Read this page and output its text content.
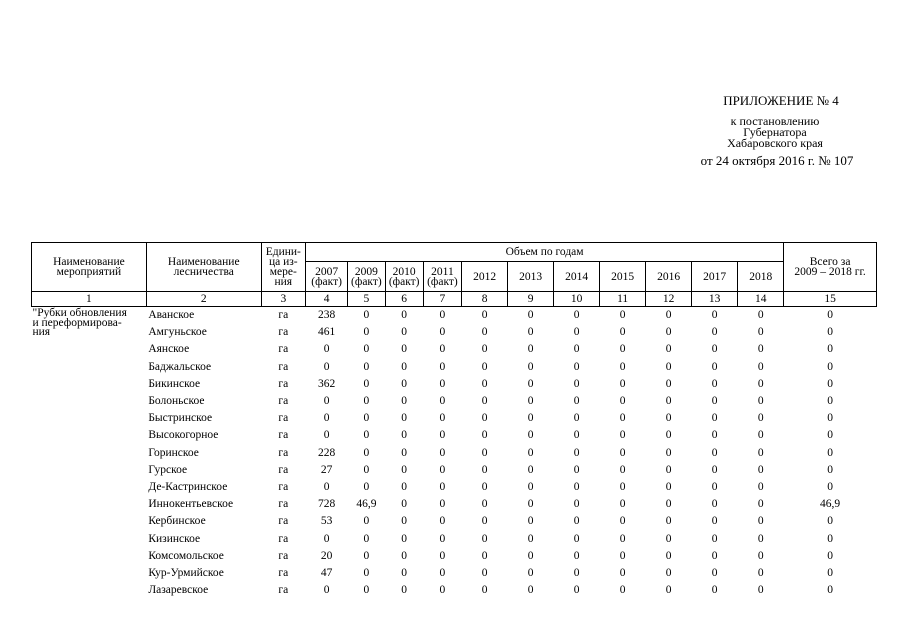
ПРИЛОЖЕНИЕ № 4
к постановлению
Губернатора
Хабаровского края
от 24 октября 2016 г. № 107
Наименование
мероприятий	Наименование
лесничества	Едини-
ца из-
мере-
ния	Объем по годам											Всего за
2009 – 2018 гг.

			2007
(факт)	2009
(факт)	2010
(факт)	2011
(факт)	2012	2013	2014	2015	2016	2017	2018	

1	2	3	4	5	6	7	8	9	10	11	12	13	14	15

"Рубки обновления
и переформирова-
ния	Аванское	га	238	0	0	0	0	0	0	0	0	0	0	0
	Амгуньское	га	461	0	0	0	0	0	0	0	0	0	0	0
	Аянское	га	0	0	0	0	0	0	0	0	0	0	0	0
	Баджальское	га	0	0	0	0	0	0	0	0	0	0	0	0
	Бикинское	га	362	0	0	0	0	0	0	0	0	0	0	0
	Болоньское	га	0	0	0	0	0	0	0	0	0	0	0	0
	Быстринское	га	0	0	0	0	0	0	0	0	0	0	0	0
	Высокогорное	га	0	0	0	0	0	0	0	0	0	0	0	0
	Горинское	га	228	0	0	0	0	0	0	0	0	0	0	0
	Гурское	га	27	0	0	0	0	0	0	0	0	0	0	0
	Де-Кастринское	га	0	0	0	0	0	0	0	0	0	0	0	0
	Иннокентьевское	га	728	46,9	0	0	0	0	0	0	0	0	0	46,9
	Кербинское	га	53	0	0	0	0	0	0	0	0	0	0	0
	Кизинское	га	0	0	0	0	0	0	0	0	0	0	0	0
	Комсомольское	га	20	0	0	0	0	0	0	0	0	0	0	0
	Кур-Урмийское	га	47	0	0	0	0	0	0	0	0	0	0	0
	Лазаревское	га	0	0	0	0	0	0	0	0	0	0	0	0
